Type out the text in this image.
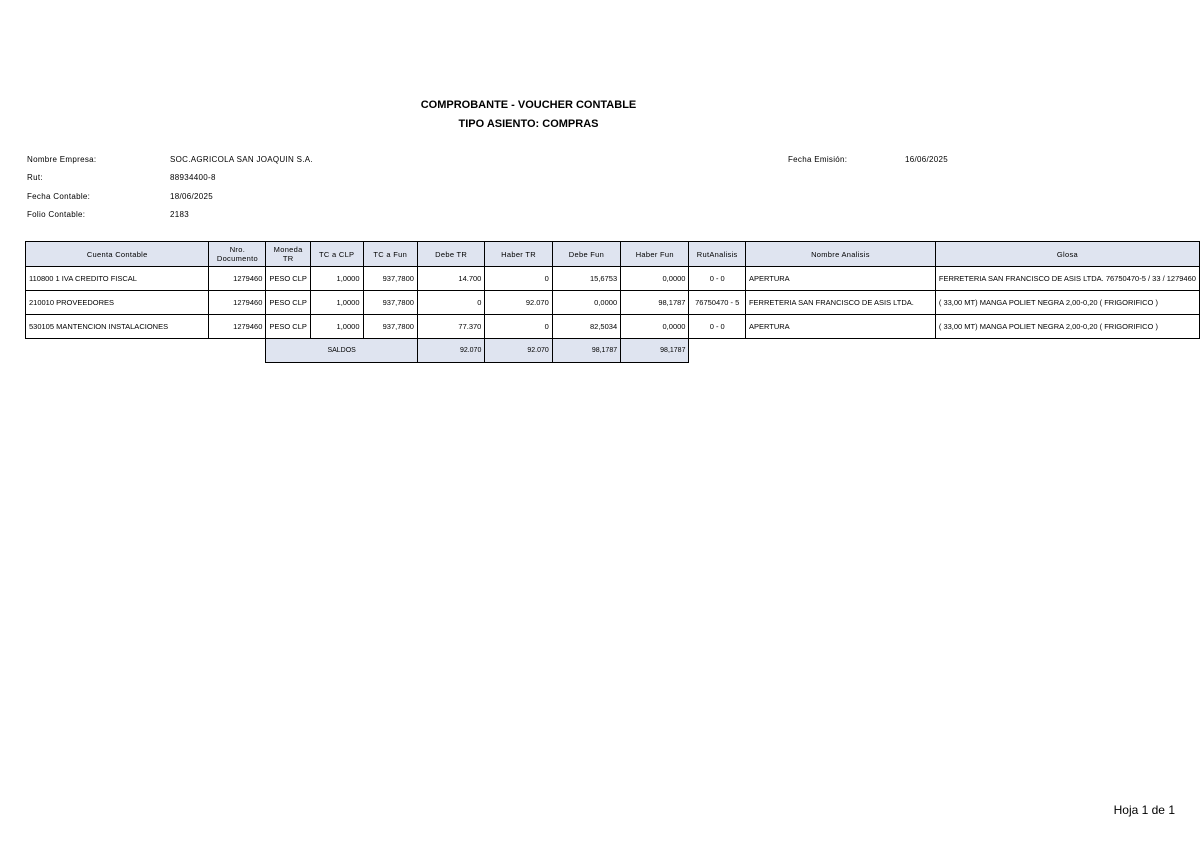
COMPROBANTE - VOUCHER CONTABLE
TIPO ASIENTO: COMPRAS
Nombre Empresa:	SOC.AGRICOLA SAN JOAQUIN S.A.
Rut:	88934400-8
Fecha Contable:	18/06/2025
Folio Contable:	2183
Fecha Emisión:	16/06/2025
Cuenta Contable	Nro. Documento	Moneda TR	TC a CLP	TC a Fun	Debe TR	Haber TR	Debe Fun	Haber Fun	RutAnalisis	Nombre Analisis	Glosa
110800 1 IVA CREDITO FISCAL	1279460	PESO CLP	1,0000	937,7800	14.700	0	15,6753	0,0000	0 - 0	APERTURA	FERRETERIA SAN FRANCISCO DE ASIS LTDA. 76750470-5 / 33 / 1279460
210010 PROVEEDORES	1279460	PESO CLP	1,0000	937,7800	0	92.070	0,0000	98,1787	76750470 - 5	FERRETERIA SAN FRANCISCO DE ASIS LTDA.	( 33,00 MT) MANGA POLIET NEGRA 2,00-0,20 ( FRIGORIFICO )
530105 MANTENCION INSTALACIONES	1279460	PESO CLP	1,0000	937,7800	77.370	0	82,5034	0,0000	0 - 0	APERTURA	( 33,00 MT) MANGA POLIET NEGRA 2,00-0,20 ( FRIGORIFICO )
		SALDOS			92.070	92.070	98,1787	98,1787			
Hoja 1 de 1
